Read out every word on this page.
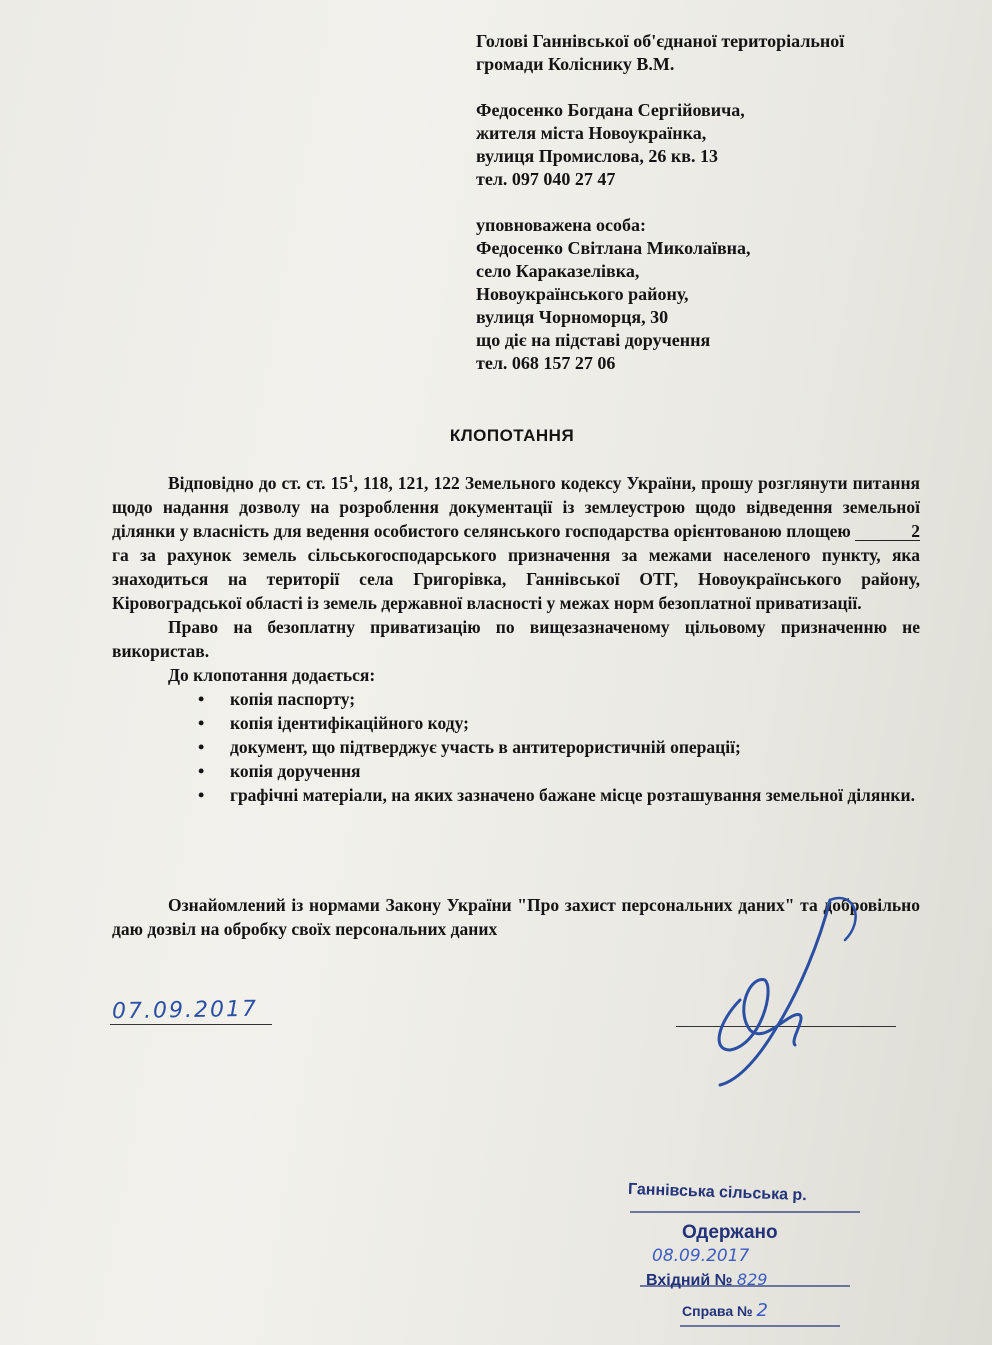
Голові Ганнівської об'єднаної територіальної
громади Коліснику В.М.
Федосенко Богдана Сергійовича,
жителя міста Новоукраїнка,
вулиця Промислова, 26 кв. 13
тел. 097 040 27 47
уповноважена особа:
Федосенко Світлана Миколаївна,
село Караказелівка,
Новоукраїнського району,
вулиця Чорноморця, 30
що діє на підставі доручення
тел. 068 157 27 06
КЛОПОТАННЯ

Відповідно до ст. ст. $15^1$, 118, 121, 122 Земельного кодексу України, прошу розглянути питання щодо надання дозволу на розроблення документації із землеустрою щодо відведення земельної ділянки у власність для ведення особистого селянського господарства орієнтованою площею	2 га за рахунок земель сільськогосподарського призначення за межами населеного пункту, яка знаходиться на території села Григорівка, Ганнівської ОТГ, Новоукраїнського району, Кіровоградської області із земель державної власності у межах норм безоплатної приватизації.

Право на безоплатну приватизацію по вищезазначеному цільовому призначенню не використав.

До клопотання додається:

• копія паспорту;
• копія ідентифікаційного коду;
• документ, що підтверджує участь в антитерористичній операції;
• копія доручення
• графічні матеріали, на яких зазначено бажане місце розташування земельної ділянки.

Ознайомлений із нормами Закону України "Про захист персональних даних" та добровільно даю дозвіл на обробку своїх персональних даних

07.09.2017
Ганнівська сільська р.
Одержано
08.09.2017
Вхідний № 829
Справа № 2
